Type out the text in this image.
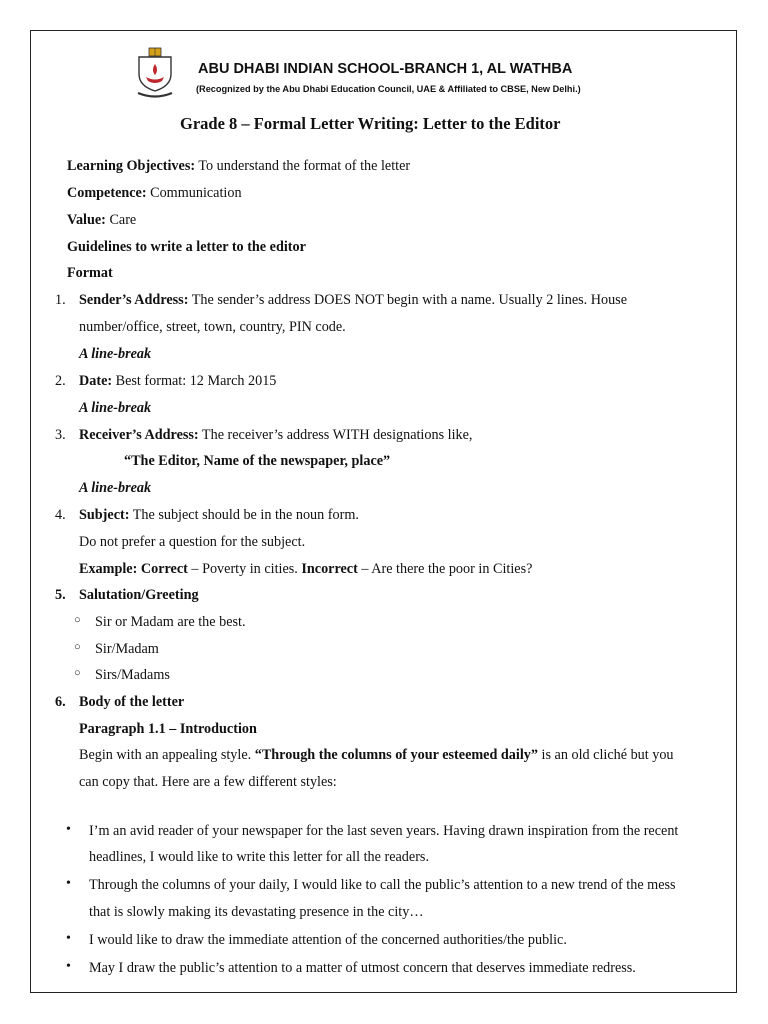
ABU DHABI INDIAN SCHOOL-BRANCH 1, AL WATHBA
(Recognized by the Abu Dhabi Education Council, UAE & Affiliated to CBSE, New Delhi.)
Grade 8 – Formal Letter Writing: Letter to the Editor
Learning Objectives: To understand the format of the letter
Competence: Communication
Value: Care
Guidelines to write a letter to the editor
Format
1. Sender’s Address: The sender’s address DOES NOT begin with a name. Usually 2 lines. House
number/office, street, town, country, PIN code.
A line-break
2. Date: Best format: 12 March 2015
A line-break
3. Receiver’s Address: The receiver’s address WITH designations like,
“The Editor, Name of the newspaper, place”
A line-break
4. Subject: The subject should be in the noun form.
Do not prefer a question for the subject.
Example: Correct – Poverty in cities. Incorrect – Are there the poor in Cities?
5. Salutation/Greeting
○ Sir or Madam are the best.
○ Sir/Madam
○ Sirs/Madams
6. Body of the letter
Paragraph 1.1 – Introduction
Begin with an appealing style. “Through the columns of your esteemed daily” is an old cliché but you
can copy that. Here are a few different styles:
• I’m an avid reader of your newspaper for the last seven years. Having drawn inspiration from the recent
headlines, I would like to write this letter for all the readers.
• Through the columns of your daily, I would like to call the public’s attention to a new trend of the mess
that is slowly making its devastating presence in the city…
• I would like to draw the immediate attention of the concerned authorities/the public.
• May I draw the public’s attention to a matter of utmost concern that deserves immediate redress.
